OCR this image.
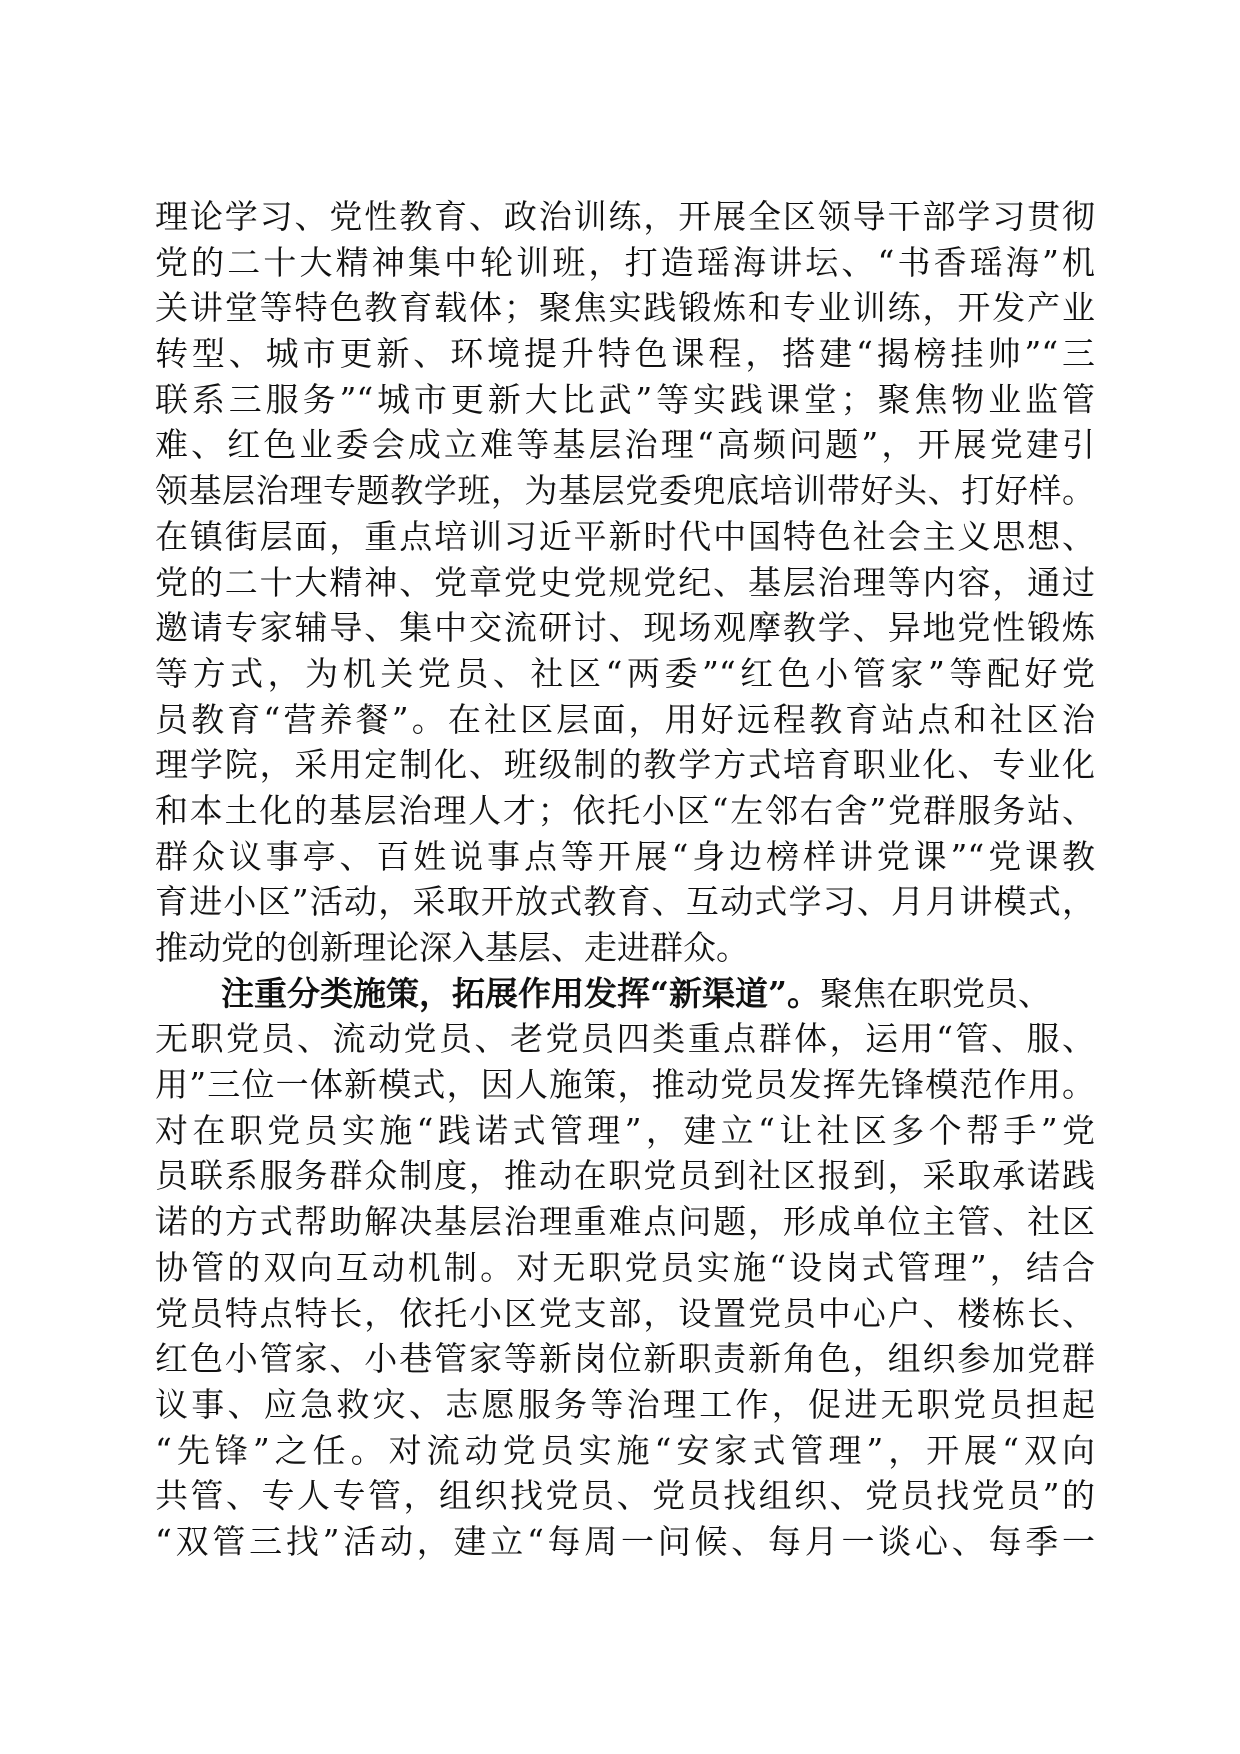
理论学习、党性教育、政治训练，开展全区领导干部学习贯彻
党的二十大精神集中轮训班，打造瑶海讲坛、“书香瑶海”机
关讲堂等特色教育载体；聚焦实践锻炼和专业训练，开发产业
转型、城市更新、环境提升特色课程，搭建“揭榜挂帅”“三
联系三服务”“城市更新大比武”等实践课堂；聚焦物业监管
难、红色业委会成立难等基层治理“高频问题”，开展党建引
领基层治理专题教学班，为基层党委兜底培训带好头、打好样。
在镇街层面，重点培训习近平新时代中国特色社会主义思想、
党的二十大精神、党章党史党规党纪、基层治理等内容，通过
邀请专家辅导、集中交流研讨、现场观摩教学、异地党性锻炼
等方式，为机关党员、社区“两委”“红色小管家”等配好党
员教育“营养餐”。在社区层面，用好远程教育站点和社区治
理学院，采用定制化、班级制的教学方式培育职业化、专业化
和本土化的基层治理人才；依托小区“左邻右舍”党群服务站、
群众议事亭、百姓说事点等开展“身边榜样讲党课”“党课教
育进小区”活动，采取开放式教育、互动式学习、月月讲模式，
推动党的创新理论深入基层、走进群众。
注重分类施策，拓展作用发挥“新渠道”。聚焦在职党员、
无职党员、流动党员、老党员四类重点群体，运用“管、服、
用”三位一体新模式，因人施策，推动党员发挥先锋模范作用。
对在职党员实施“践诺式管理”，建立“让社区多个帮手”党
员联系服务群众制度，推动在职党员到社区报到，采取承诺践
诺的方式帮助解决基层治理重难点问题，形成单位主管、社区
协管的双向互动机制。对无职党员实施“设岗式管理”，结合
党员特点特长，依托小区党支部，设置党员中心户、楼栋长、
红色小管家、小巷管家等新岗位新职责新角色，组织参加党群
议事、应急救灾、志愿服务等治理工作，促进无职党员担起
“先锋”之任。对流动党员实施“安家式管理”，开展“双向
共管、专人专管，组织找党员、党员找组织、党员找党员”的
“双管三找”活动，建立“每周一问候、每月一谈心、每季一
